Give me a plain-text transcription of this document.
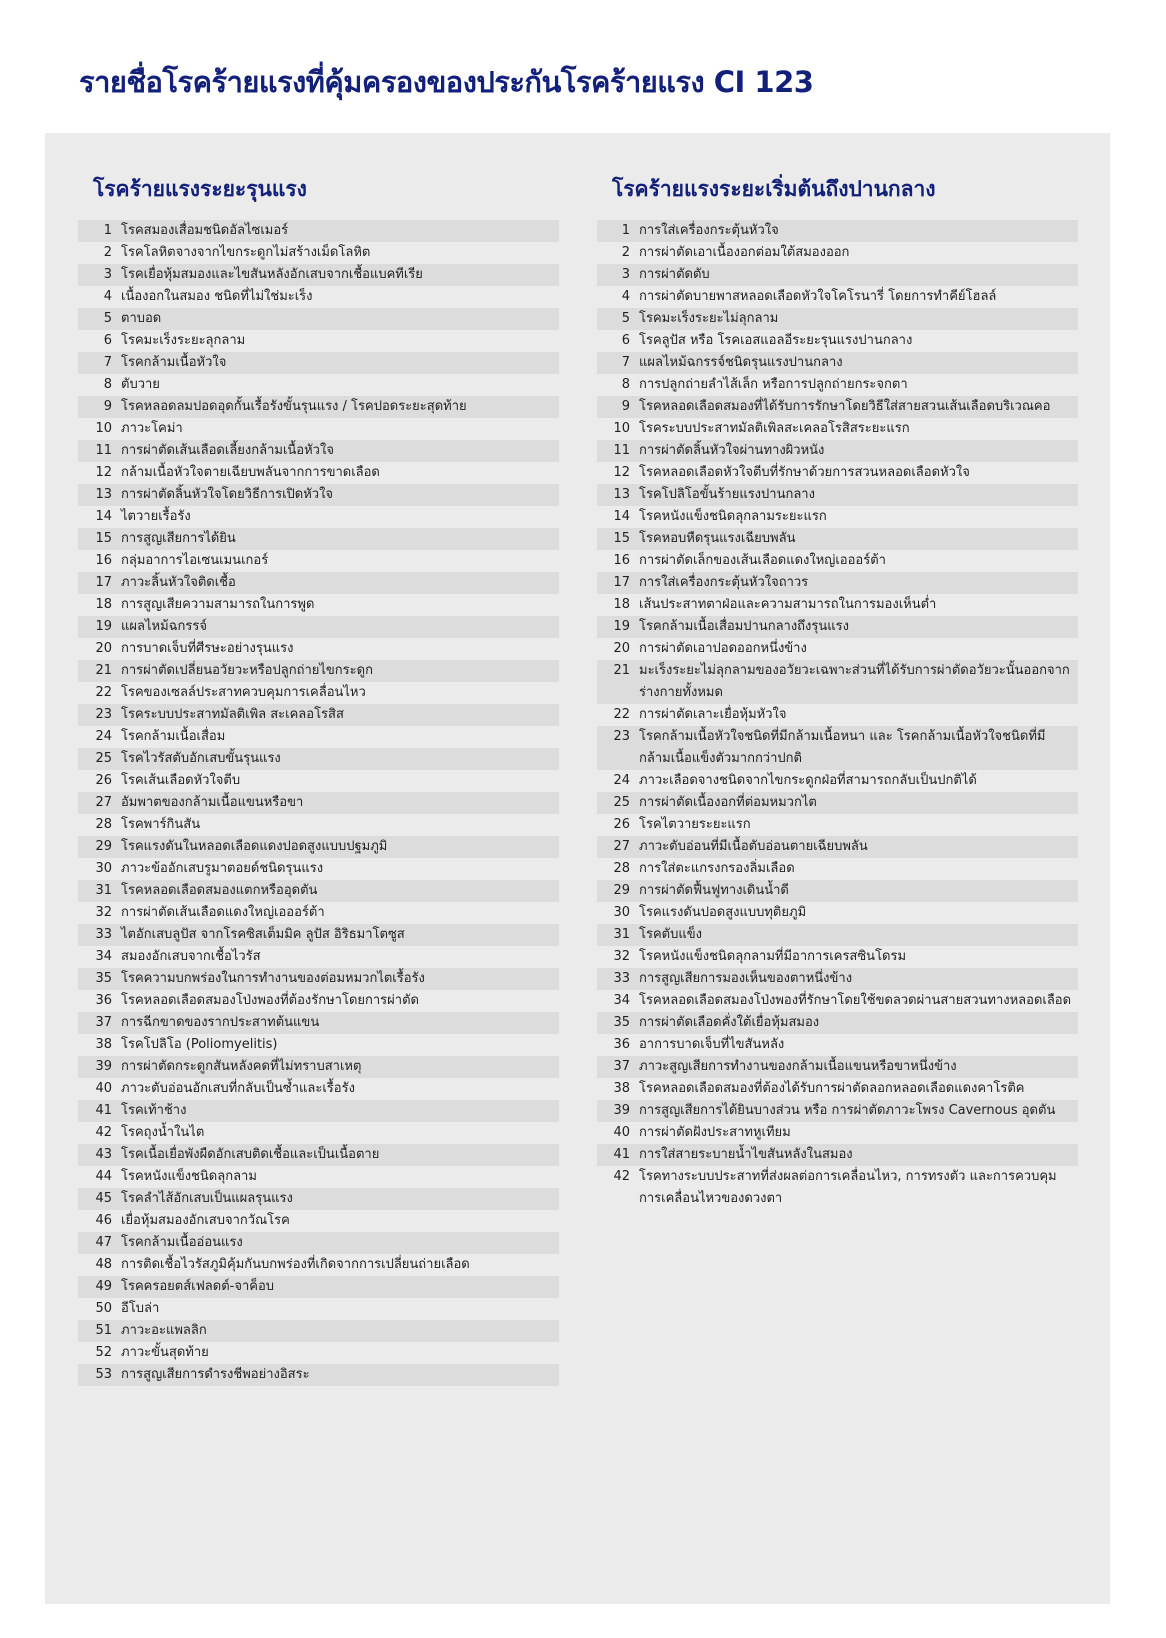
รายชื่อโรคร้ายแรงที่คุ้มครองของประกันโรคร้ายแรง CI 123
โรคร้ายแรงระยะรุนแรง
1 โรคสมองเสื่อมชนิดอัลไซเมอร์
2 โรคโลหิตจางจากไขกระดูกไม่สร้างเม็ดโลหิต
3 โรคเยื่อหุ้มสมองและไขสันหลังอักเสบจากเชื้อแบคทีเรีย
4 เนื้องอกในสมอง ชนิดที่ไม่ใช่มะเร็ง
5 ตาบอด
6 โรคมะเร็งระยะลุกลาม
7 โรคกล้ามเนื้อหัวใจ
8 ตับวาย
9 โรคหลอดลมปอดอุดกั้นเรื้อรังขั้นรุนแรง / โรคปอดระยะสุดท้าย
10 ภาวะโคม่า
11 การผ่าตัดเส้นเลือดเลี้ยงกล้ามเนื้อหัวใจ
12 กล้ามเนื้อหัวใจตายเฉียบพลันจากการขาดเลือด
13 การผ่าตัดลิ้นหัวใจโดยวิธีการเปิดหัวใจ
14 ไตวายเรื้อรัง
15 การสูญเสียการได้ยิน
16 กลุ่มอาการไอเซนเมนเกอร์
17 ภาวะลิ้นหัวใจติดเชื้อ
18 การสูญเสียความสามารถในการพูด
19 แผลไหม้ฉกรรจ์
20 การบาดเจ็บที่ศีรษะอย่างรุนแรง
21 การผ่าตัดเปลี่ยนอวัยวะหรือปลูกถ่ายไขกระดูก
22 โรคของเซลล์ประสาทควบคุมการเคลื่อนไหว
23 โรคระบบประสาทมัลติเพิล สะเคลอโรสิส
24 โรคกล้ามเนื้อเสื่อม
25 โรคไวรัสตับอักเสบขั้นรุนแรง
26 โรคเส้นเลือดหัวใจตีบ
27 อัมพาตของกล้ามเนื้อแขนหรือขา
28 โรคพาร์กินสัน
29 โรคแรงดันในหลอดเลือดแดงปอดสูงแบบปฐมภูมิ
30 ภาวะข้ออักเสบรูมาตอยด์ชนิดรุนแรง
31 โรคหลอดเลือดสมองแตกหรืออุดตัน
32 การผ่าตัดเส้นเลือดแดงใหญ่เอออร์ต้า
33 ไตอักเสบลูปัส จากโรคซิสเต็มมิค ลูปัส อิริธมาโตซูส
34 สมองอักเสบจากเชื้อไวรัส
35 โรคความบกพร่องในการทำงานของต่อมหมวกไตเรื้อรัง
36 โรคหลอดเลือดสมองโป่งพองที่ต้องรักษาโดยการผ่าตัด
37 การฉีกขาดของรากประสาทต้นแขน
38 โรคโปลิโอ (Poliomyelitis)
39 การผ่าตัดกระดูกสันหลังคดที่ไม่ทราบสาเหตุ
40 ภาวะตับอ่อนอักเสบที่กลับเป็นซ้ำและเรื้อรัง
41 โรคเท้าช้าง
42 โรคถุงน้ำในไต
43 โรคเนื้อเยื่อพังผืดอักเสบติดเชื้อและเป็นเนื้อตาย
44 โรคหนังแข็งชนิดลุกลาม
45 โรคลำไส้อักเสบเป็นแผลรุนแรง
46 เยื่อหุ้มสมองอักเสบจากวัณโรค
47 โรคกล้ามเนื้ออ่อนแรง
48 การติดเชื้อไวรัสภูมิคุ้มกันบกพร่องที่เกิดจากการเปลี่ยนถ่ายเลือด
49 โรคครอยตส์เฟลดต์-จาค็อบ
50 อีโบล่า
51 ภาวะอะแพลลิก
52 ภาวะขั้นสุดท้าย
53 การสูญเสียการดำรงชีพอย่างอิสระ
โรคร้ายแรงระยะเริ่มต้นถึงปานกลาง
1 การใส่เครื่องกระตุ้นหัวใจ
2 การผ่าตัดเอาเนื้องอกต่อมใต้สมองออก
3 การผ่าตัดตับ
4 การผ่าตัดบายพาสหลอดเลือดหัวใจโคโรนารี่ โดยการทำคีย์โฮลล์
5 โรคมะเร็งระยะไม่ลุกลาม
6 โรคลูปัส หรือ โรคเอสแอลอีระยะรุนแรงปานกลาง
7 แผลไหม้ฉกรรจ์ชนิดรุนแรงปานกลาง
8 การปลูกถ่ายลำไส้เล็ก หรือการปลูกถ่ายกระจกตา
9 โรคหลอดเลือดสมองที่ได้รับการรักษาโดยวิธีใส่สายสวนเส้นเลือดบริเวณคอ
10 โรคระบบประสาทมัลติเพิลสะเคลอโรสิสระยะแรก
11 การผ่าตัดลิ้นหัวใจผ่านทางผิวหนัง
12 โรคหลอดเลือดหัวใจตีบที่รักษาด้วยการสวนหลอดเลือดหัวใจ
13 โรคโปลิโอขั้นร้ายแรงปานกลาง
14 โรคหนังแข็งชนิดลุกลามระยะแรก
15 โรคหอบหืดรุนแรงเฉียบพลัน
16 การผ่าตัดเล็กของเส้นเลือดแดงใหญ่เอออร์ต้า
17 การใส่เครื่องกระตุ้นหัวใจถาวร
18 เส้นประสาทตาฝ่อและความสามารถในการมองเห็นต่ำ
19 โรคกล้ามเนื้อเสื่อมปานกลางถึงรุนแรง
20 การผ่าตัดเอาปอดออกหนึ่งข้าง
21 มะเร็งระยะไม่ลุกลามของอวัยวะเฉพาะส่วนที่ได้รับการผ่าตัดอวัยวะนั้นออกจากร่างกายทั้งหมด
22 การผ่าตัดเลาะเยื่อหุ้มหัวใจ
23 โรคกล้ามเนื้อหัวใจชนิดที่มีกล้ามเนื้อหนา และ โรคกล้ามเนื้อหัวใจชนิดที่มีกล้ามเนื้อแข็งตัวมากกว่าปกติ
24 ภาวะเลือดจางชนิดจากไขกระดูกฝ่อที่สามารถกลับเป็นปกติได้
25 การผ่าตัดเนื้องอกที่ต่อมหมวกไต
26 โรคไตวายระยะแรก
27 ภาวะตับอ่อนที่มีเนื้อตับอ่อนตายเฉียบพลัน
28 การใส่ตะแกรงกรองลิ่มเลือด
29 การผ่าตัดฟื้นฟูทางเดินน้ำดี
30 โรคแรงดันปอดสูงแบบทุติยภูมิ
31 โรคตับแข็ง
32 โรคหนังแข็งชนิดลุกลามที่มีอาการเครสซินโดรม
33 การสูญเสียการมองเห็นของตาหนึ่งข้าง
34 โรคหลอดเลือดสมองโป่งพองที่รักษาโดยใช้ขดลวดผ่านสายสวนทางหลอดเลือด
35 การผ่าตัดเลือดคั่งใต้เยื่อหุ้มสมอง
36 อาการบาดเจ็บที่ไขสันหลัง
37 ภาวะสูญเสียการทำงานของกล้ามเนื้อแขนหรือขาหนึ่งข้าง
38 โรคหลอดเลือดสมองที่ต้องได้รับการผ่าตัดลอกหลอดเลือดแดงคาโรติค
39 การสูญเสียการได้ยินบางส่วน หรือ การผ่าตัดภาวะโพรง Cavernous อุดตัน
40 การผ่าตัดฝังประสาทหูเทียม
41 การใส่สายระบายน้ำไขสันหลังในสมอง
42 โรคทางระบบประสาทที่ส่งผลต่อการเคลื่อนไหว, การทรงตัว และการควบคุมการเคลื่อนไหวของดวงตา
